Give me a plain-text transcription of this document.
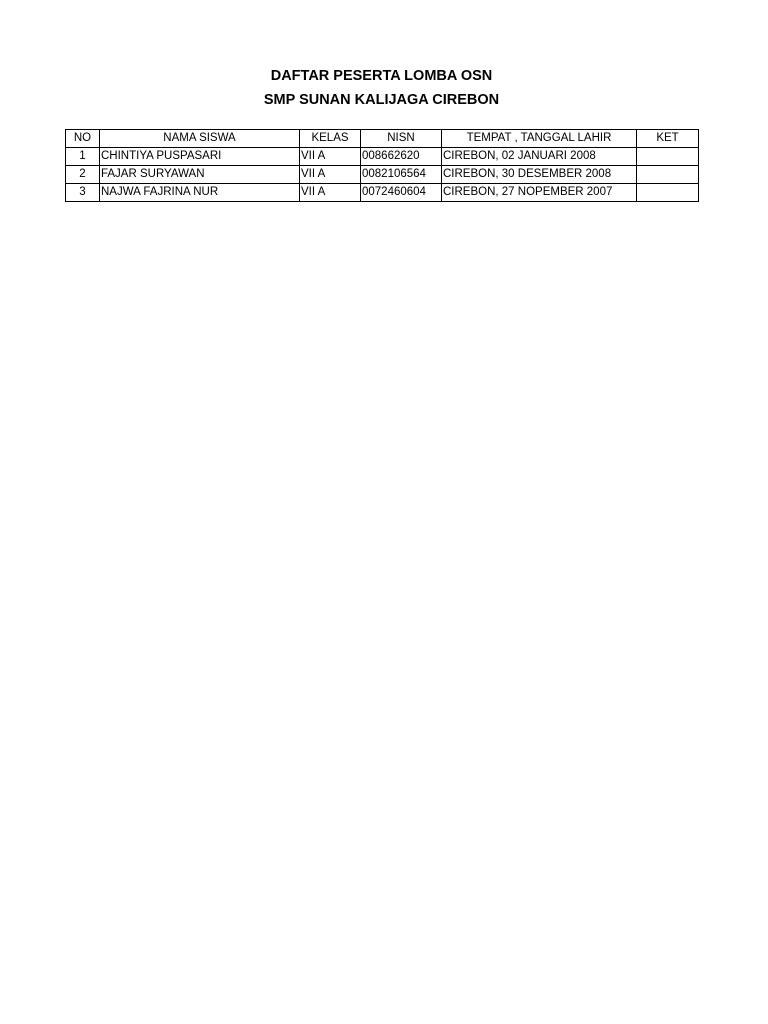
DAFTAR PESERTA LOMBA OSN
SMP SUNAN KALIJAGA CIREBON
NO	NAMA SISWA	KELAS	NISN	TEMPAT , TANGGAL LAHIR	KET
1	CHINTIYA PUSPASARI	VII A	008662620	CIREBON, 02 JANUARI 2008	
2	FAJAR SURYAWAN	VII A	0082106564	CIREBON, 30 DESEMBER 2008	
3	NAJWA FAJRINA NUR	VII A	0072460604	CIREBON, 27 NOPEMBER 2007	
